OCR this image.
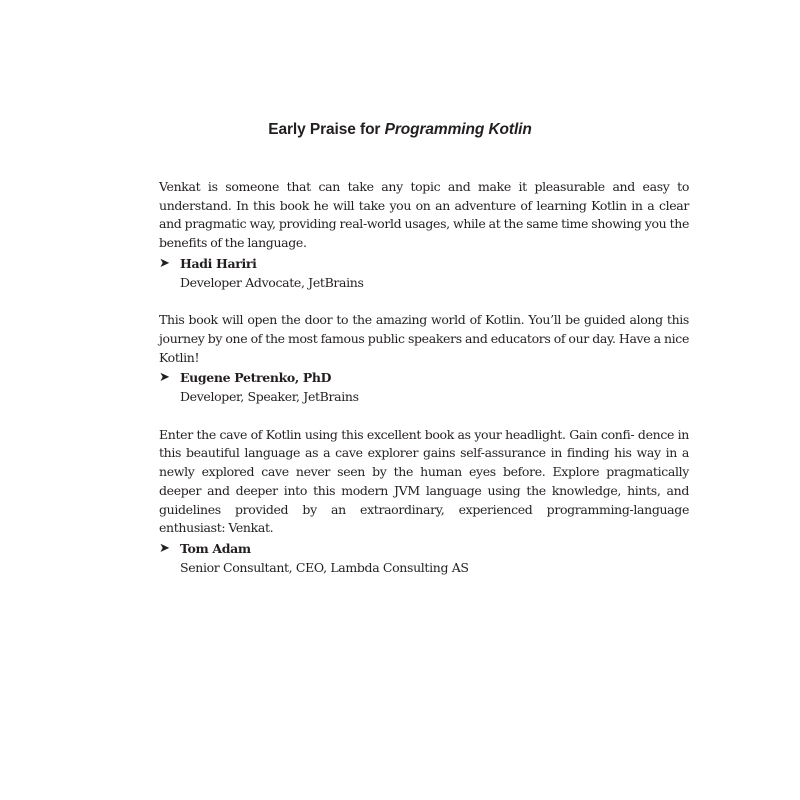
Early Praise for Programming Kotlin

Venkat is someone that can take any topic and make it pleasurable and easy to understand. In this book he will take you on an adventure of learning Kotlin in a clear and pragmatic way, providing real-world usages, while at the same time showing you the benefits of the language.

➤ Hadi Hariri
Developer Advocate, JetBrains

This book will open the door to the amazing world of Kotlin. You’ll be guided along this journey by one of the most famous public speakers and educators of our day. Have a nice Kotlin!

➤ Eugene Petrenko, PhD
Developer, Speaker, JetBrains

Enter the cave of Kotlin using this excellent book as your headlight. Gain confi- dence in this beautiful language as a cave explorer gains self-assurance in finding his way in a newly explored cave never seen by the human eyes before. Explore pragmatically deeper and deeper into this modern JVM language using the knowledge, hints, and guidelines provided by an extraordinary, experienced programming-language enthusiast: Venkat.

➤ Tom Adam
Senior Consultant, CEO, Lambda Consulting AS
